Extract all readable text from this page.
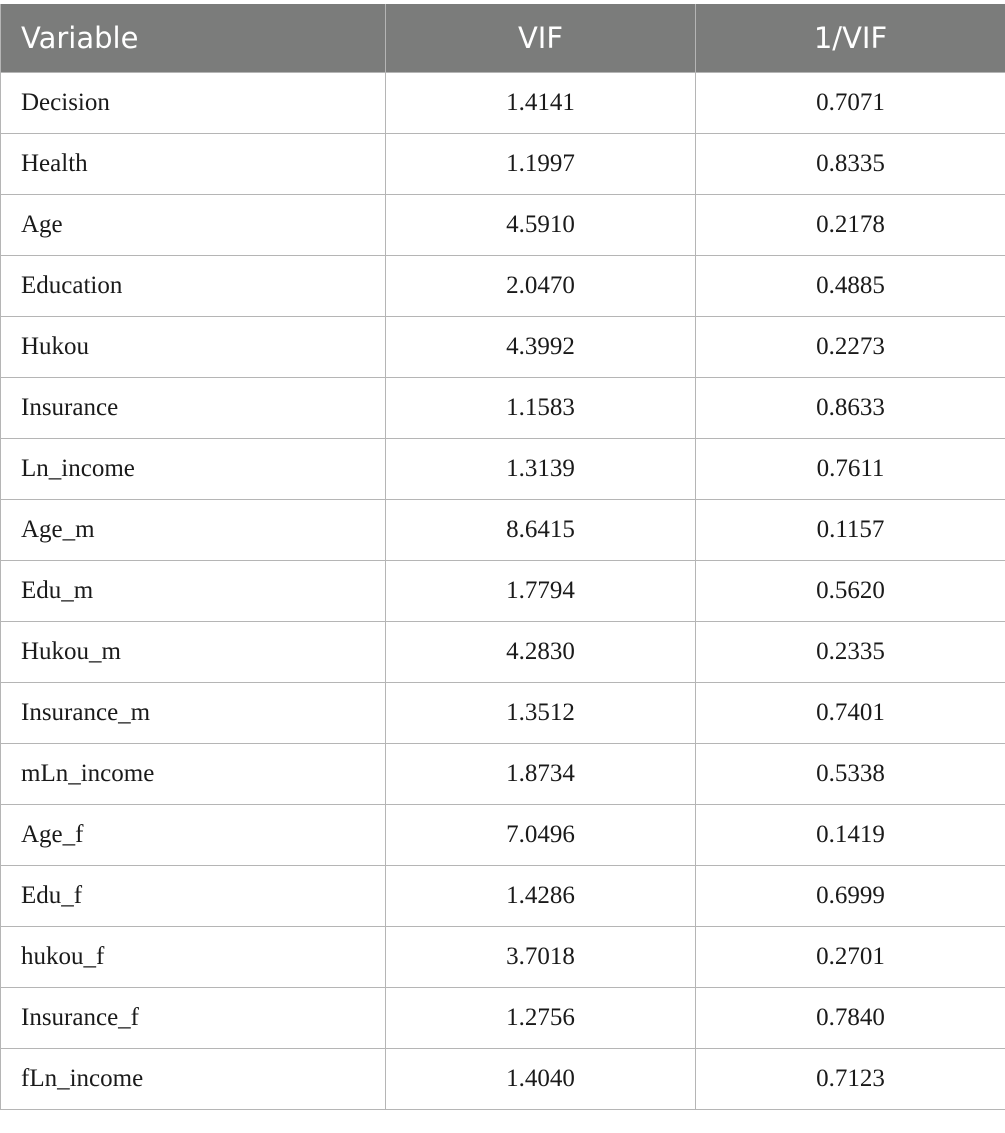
Variable	VIF	1/VIF
Decision	1.4141	0.7071
Health	1.1997	0.8335
Age	4.5910	0.2178
Education	2.0470	0.4885
Hukou	4.3992	0.2273
Insurance	1.1583	0.8633
Ln_income	1.3139	0.7611
Age_m	8.6415	0.1157
Edu_m	1.7794	0.5620
Hukou_m	4.2830	0.2335
Insurance_m	1.3512	0.7401
mLn_income	1.8734	0.5338
Age_f	7.0496	0.1419
Edu_f	1.4286	0.6999
hukou_f	3.7018	0.2701
Insurance_f	1.2756	0.7840
fLn_income	1.4040	0.7123
